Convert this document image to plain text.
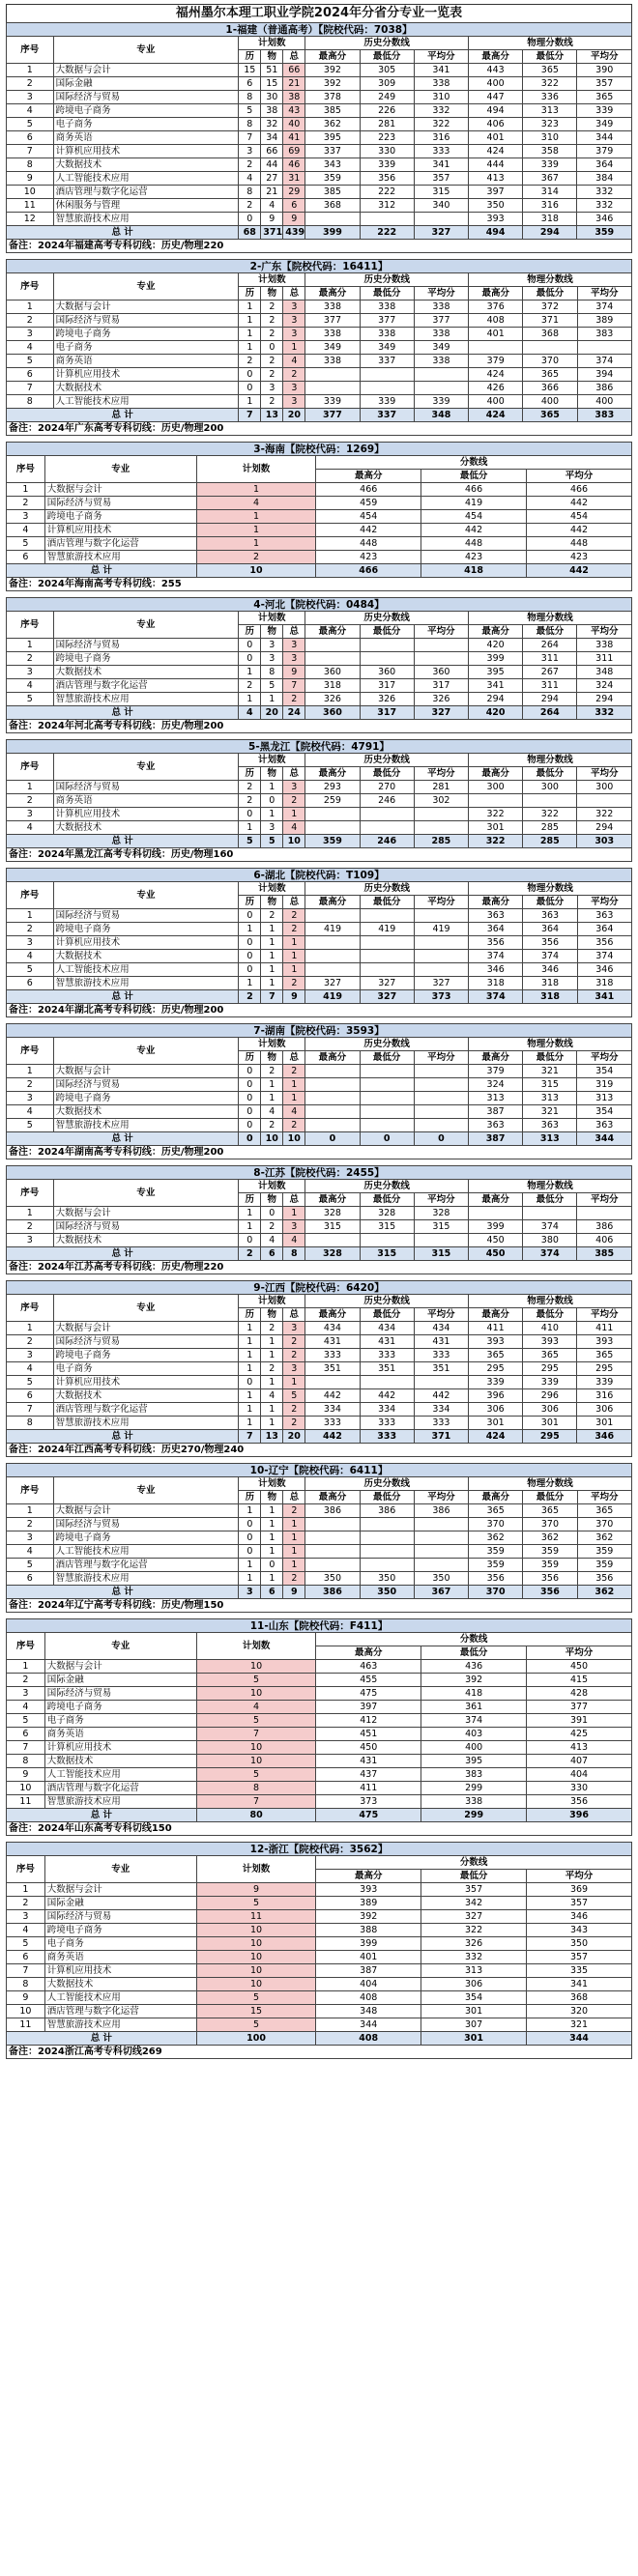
福州墨尔本理工职业学院2024年分省分专业一览表
1-福建（普通高考）【院校代码：7038】										
序号	专业	计划数			历史分数线			物理分数线		
		历	物	总	最高分	最低分	平均分	最高分	最低分	平均分
1	大数据与会计	15	51	66	392	305	341	443	365	390
2	国际金融	6	15	21	392	309	338	400	322	357
3	国际经济与贸易	8	30	38	378	249	310	447	336	365
4	跨境电子商务	5	38	43	385	226	332	494	313	339
5	电子商务	8	32	40	362	281	322	406	323	349
6	商务英语	7	34	41	395	223	316	401	310	344
7	计算机应用技术	3	66	69	337	330	333	424	358	379
8	大数据技术	2	44	46	343	339	341	444	339	364
9	人工智能技术应用	4	27	31	359	356	357	413	367	384
10	酒店管理与数字化运营	8	21	29	385	222	315	397	314	332
11	休闲服务与管理	2	4	6	368	312	340	350	316	332
12	智慧旅游技术应用	0	9	9				393	318	346
总 计		68	371	439	399	222	327	494	294	359
备注：2024年福建高考专科切线：历史/物理220										
2-广东【院校代码：16411】										
序号	专业	计划数			历史分数线			物理分数线		
		历	物	总	最高分	最低分	平均分	最高分	最低分	平均分
1	大数据与会计	1	2	3	338	338	338	376	372	374
2	国际经济与贸易	1	2	3	377	377	377	408	371	389
3	跨境电子商务	1	2	3	338	338	338	401	368	383
4	电子商务	1	0	1	349	349	349			
5	商务英语	2	2	4	338	337	338	379	370	374
6	计算机应用技术	0	2	2				424	365	394
7	大数据技术	0	3	3				426	366	386
8	人工智能技术应用	1	2	3	339	339	339	400	400	400
总 计		7	13	20	377	337	348	424	365	383
备注：2024年广东高考专科切线：历史/物理200										
3-海南【院校代码：1269】					
序号	专业	计划数	分数线		
			最高分	最低分	平均分
1	大数据与会计	1	466	466	466
2	国际经济与贸易	4	459	419	442
3	跨境电子商务	1	454	454	454
4	计算机应用技术	1	442	442	442
5	酒店管理与数字化运营	1	448	448	448
6	智慧旅游技术应用	2	423	423	423
总 计		10	466	418	442
备注：2024年海南高考专科切线：255					
4-河北【院校代码：0484】										
序号	专业	计划数			历史分数线			物理分数线		
		历	物	总	最高分	最低分	平均分	最高分	最低分	平均分
1	国际经济与贸易	0	3	3				420	264	338
2	跨境电子商务	0	3	3				399	311	311
3	大数据技术	1	8	9	360	360	360	395	267	348
4	酒店管理与数字化运营	2	5	7	318	317	317	341	311	324
5	智慧旅游技术应用	1	1	2	326	326	326	294	294	294
总 计		4	20	24	360	317	327	420	264	332
备注：2024年河北高考专科切线：历史/物理200										
5-黑龙江【院校代码：4791】										
序号	专业	计划数			历史分数线			物理分数线		
		历	物	总	最高分	最低分	平均分	最高分	最低分	平均分
1	国际经济与贸易	2	1	3	293	270	281	300	300	300
2	商务英语	2	0	2	259	246	302			
3	计算机应用技术	0	1	1				322	322	322
4	大数据技术	1	3	4				301	285	294
总 计		5	5	10	359	246	285	322	285	303
备注：2024年黑龙江高考专科切线：历史/物理160										
6-湖北【院校代码：T109】										
序号	专业	计划数			历史分数线			物理分数线		
		历	物	总	最高分	最低分	平均分	最高分	最低分	平均分
1	国际经济与贸易	0	2	2				363	363	363
2	跨境电子商务	1	1	2	419	419	419	364	364	364
3	计算机应用技术	0	1	1				356	356	356
4	大数据技术	0	1	1				374	374	374
5	人工智能技术应用	0	1	1				346	346	346
6	智慧旅游技术应用	1	1	2	327	327	327	318	318	318
总 计		2	7	9	419	327	373	374	318	341
备注：2024年湖北高考专科切线：历史/物理200										
7-湖南【院校代码：3593】										
序号	专业	计划数			历史分数线			物理分数线		
		历	物	总	最高分	最低分	平均分	最高分	最低分	平均分
1	大数据与会计	0	2	2				379	321	354
2	国际经济与贸易	0	1	1				324	315	319
3	跨境电子商务	0	1	1				313	313	313
4	大数据技术	0	4	4				387	321	354
5	智慧旅游技术应用	0	2	2				363	363	363
总 计		0	10	10	0	0	0	387	313	344
备注：2024年湖南高考专科切线：历史/物理200										
8-江苏【院校代码：2455】										
序号	专业	计划数			历史分数线			物理分数线		
		历	物	总	最高分	最低分	平均分	最高分	最低分	平均分
1	大数据与会计	1	0	1	328	328	328			
2	国际经济与贸易	1	2	3	315	315	315	399	374	386
3	大数据技术	0	4	4				450	380	406
总 计		2	6	8	328	315	315	450	374	385
备注：2024年江苏高考专科切线：历史/物理220										
9-江西【院校代码：6420】										
序号	专业	计划数			历史分数线			物理分数线		
		历	物	总	最高分	最低分	平均分	最高分	最低分	平均分
1	大数据与会计	1	2	3	434	434	434	411	410	411
2	国际经济与贸易	1	1	2	431	431	431	393	393	393
3	跨境电子商务	1	1	2	333	333	333	365	365	365
4	电子商务	1	2	3	351	351	351	295	295	295
5	计算机应用技术	0	1	1				339	339	339
6	大数据技术	1	4	5	442	442	442	396	296	316
7	酒店管理与数字化运营	1	1	2	334	334	334	306	306	306
8	智慧旅游技术应用	1	1	2	333	333	333	301	301	301
总 计		7	13	20	442	333	371	424	295	346
备注：2024年江西高考专科切线：历史270/物理240										
10-辽宁【院校代码：6411】										
序号	专业	计划数			历史分数线			物理分数线		
		历	物	总	最高分	最低分	平均分	最高分	最低分	平均分
1	大数据与会计	1	1	2	386	386	386	365	365	365
2	国际经济与贸易	0	1	1				370	370	370
3	跨境电子商务	0	1	1				362	362	362
4	人工智能技术应用	0	1	1				359	359	359
5	酒店管理与数字化运营	1	0	1				359	359	359
6	智慧旅游技术应用	1	1	2	350	350	350	356	356	356
总 计		3	6	9	386	350	367	370	356	362
备注：2024年辽宁高考专科切线：历史/物理150										
11-山东【院校代码：F411】					
序号	专业	计划数	分数线		
			最高分	最低分	平均分
1	大数据与会计	10	463	436	450
2	国际金融	5	455	392	415
3	国际经济与贸易	10	475	418	428
4	跨境电子商务	4	397	361	377
5	电子商务	5	412	374	391
6	商务英语	7	451	403	425
7	计算机应用技术	10	450	400	413
8	大数据技术	10	431	395	407
9	人工智能技术应用	5	437	383	404
10	酒店管理与数字化运营	8	411	299	330
11	智慧旅游技术应用	7	373	338	356
总 计		80	475	299	396
备注：2024年山东高考专科切线150					
12-浙江【院校代码：3562】					
序号	专业	计划数	分数线		
			最高分	最低分	平均分
1	大数据与会计	9	393	357	369
2	国际金融	5	389	342	357
3	国际经济与贸易	11	392	327	346
4	跨境电子商务	10	388	322	343
5	电子商务	10	399	326	350
6	商务英语	10	401	332	357
7	计算机应用技术	10	387	313	335
8	大数据技术	10	404	306	341
9	人工智能技术应用	5	408	354	368
10	酒店管理与数字化运营	15	348	301	320
11	智慧旅游技术应用	5	344	307	321
总 计		100	408	301	344
备注：2024浙江高考专科切线269					
